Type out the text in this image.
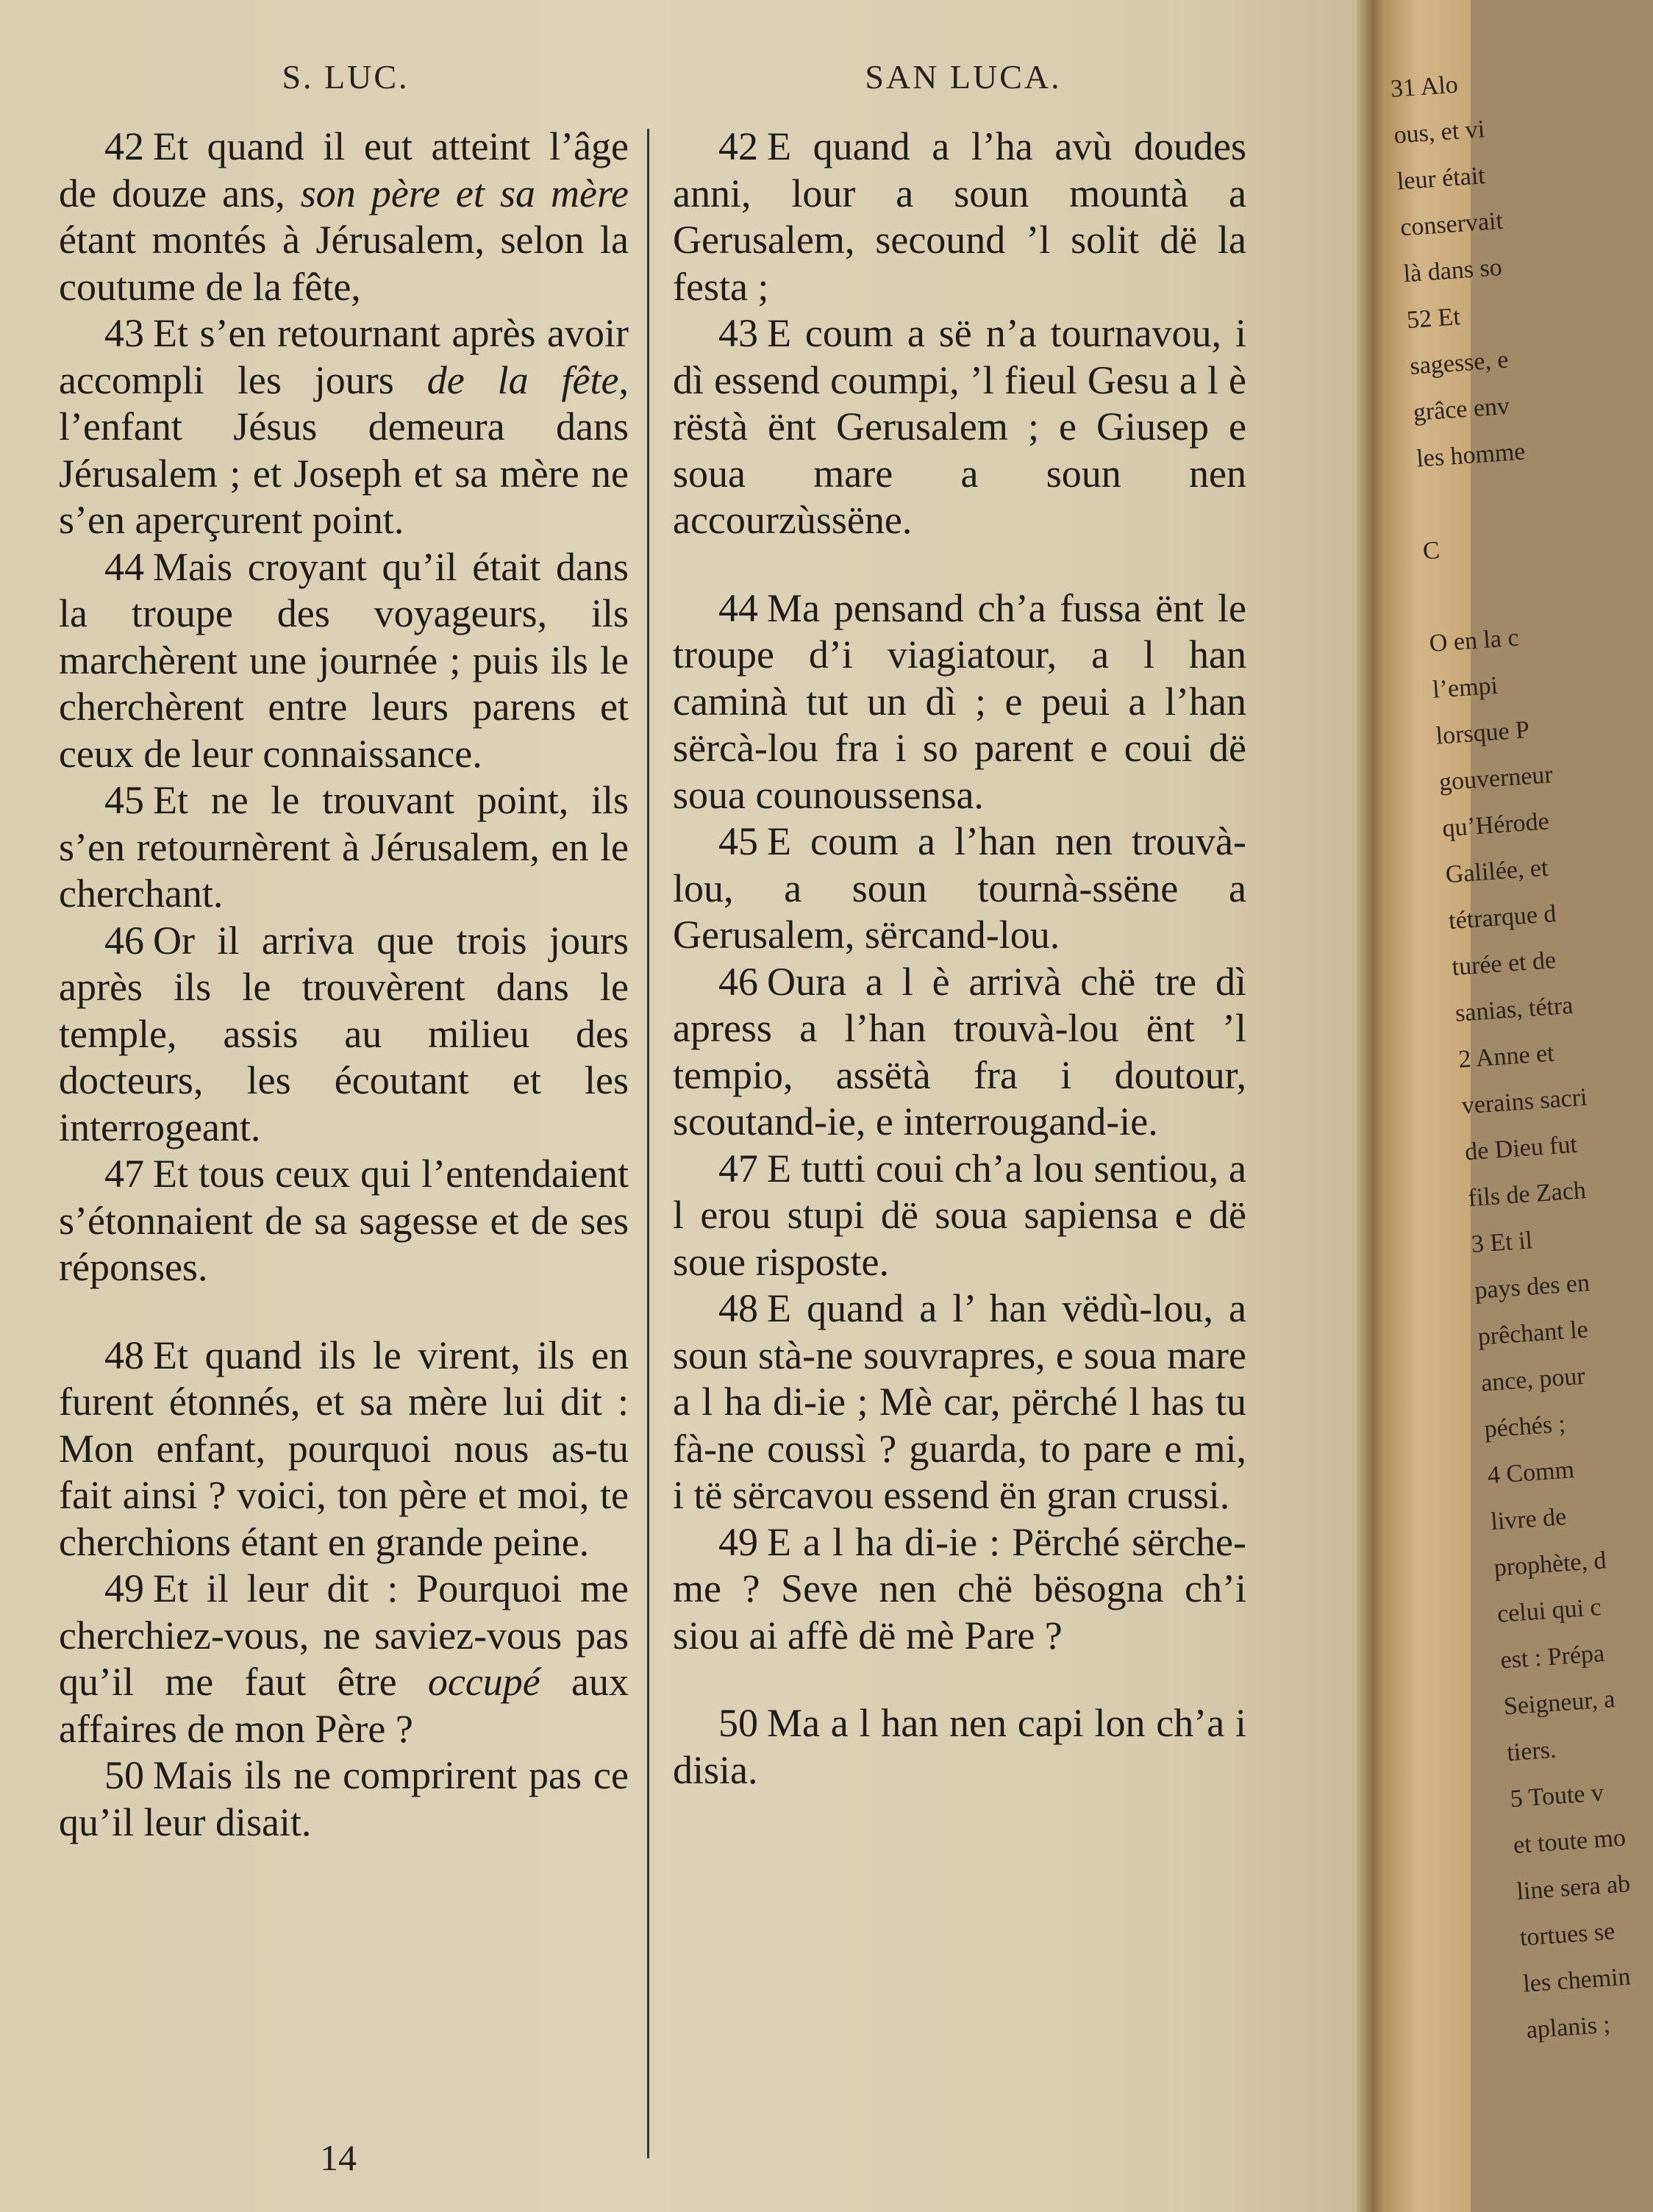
S. LUC.	SAN LUCA.

42 Et quand il eut atteint l’âge de douze ans, son père et sa mère étant montés à Jérusalem, selon la coutume de la fête,

43 Et s’en retournant après avoir accompli les jours de la fête, l’enfant Jésus demeura dans Jérusalem ; et Joseph et sa mère ne s’en aperçurent point.

44 Mais croyant qu’il était dans la troupe des voyageurs, ils marchèrent une journée ; puis ils le cherchèrent entre leurs parens et ceux de leur connaissance.

45 Et ne le trouvant point, ils s’en retournèrent à Jérusalem, en le cherchant.

46 Or il arriva que trois jours après ils le trouvèrent dans le temple, assis au milieu des docteurs, les écoutant et les interrogeant.

47 Et tous ceux qui l’entendaient s’étonnaient de sa sagesse et de ses réponses.

48 Et quand ils le virent, ils en furent étonnés, et sa mère lui dit : Mon enfant, pourquoi nous as-tu fait ainsi ? voici, ton père et moi, te cherchions étant en grande peine.

49 Et il leur dit : Pourquoi me cherchiez-vous, ne saviez-vous pas qu’il me faut être occupé aux affaires de mon Père ?

50 Mais ils ne comprirent pas ce qu’il leur disait.

42 E quand a l’ha avù doudes anni, lour a soun mountà a Gerusalem, secound ’l solit dë la festa ;

43 E coum a së n’a tournavou, i dì essend coumpi, ’l fieul Gesu a l è rëstà ënt Gerusalem ; e Giusep e soua mare a soun nen accourzùssëne.

44 Ma pensand ch’a fussa ënt le troupe d’i viagiatour, a l han caminà tut un dì ; e peui a l’han sërcà-lou fra i so parent e coui dë soua counoussensa.

45 E coum a l’han nen trouvà-lou, a soun tournà-ssëne a Gerusalem, sërcand-lou.

46 Oura a l è arrivà chë tre dì apress a l’han trouvà-lou ënt ’l tempio, assëtà fra i doutour, scoutand-ie, e interrougand-ie.

47 E tutti coui ch’a lou sentiou, a l erou stupi dë soua sapiensa e dë soue risposte.

48 E quand a l’ han vëdù-lou, a soun stà-ne souvrapres, e soua mare a l ha di-ie ; Mè car, përché l has tu fà-ne coussì ? guarda, to pare e mi, i të sërcavou essend ën gran crussi.

49 E a l ha di-ie : Përché sërche-me ? Seve nen chë bësogna ch’i siou ai affè dë mè Pare ?

50 Ma a l han nen capi lon ch’a i disia.

14
31 Alo
ous, et vi
leur était
conservait
là dans so
52 Et
sagesse, e
grâce env
les homme

C

O en la c
l’empi
lorsque P
gouverneur
qu’Hérode
Galilée, et
tétrarque d
turée et de
sanias, tétra
2 Anne et
verains sacri
de Dieu fut
fils de Zach
3 Et il
pays des en
prêchant le
ance, pour
péchés ;
4 Comm
livre de
prophète, d
celui qui c
est : Prépa
Seigneur, a
tiers.
5 Toute v
et toute mo
line sera ab
tortues se
les chemin
aplanis ;
